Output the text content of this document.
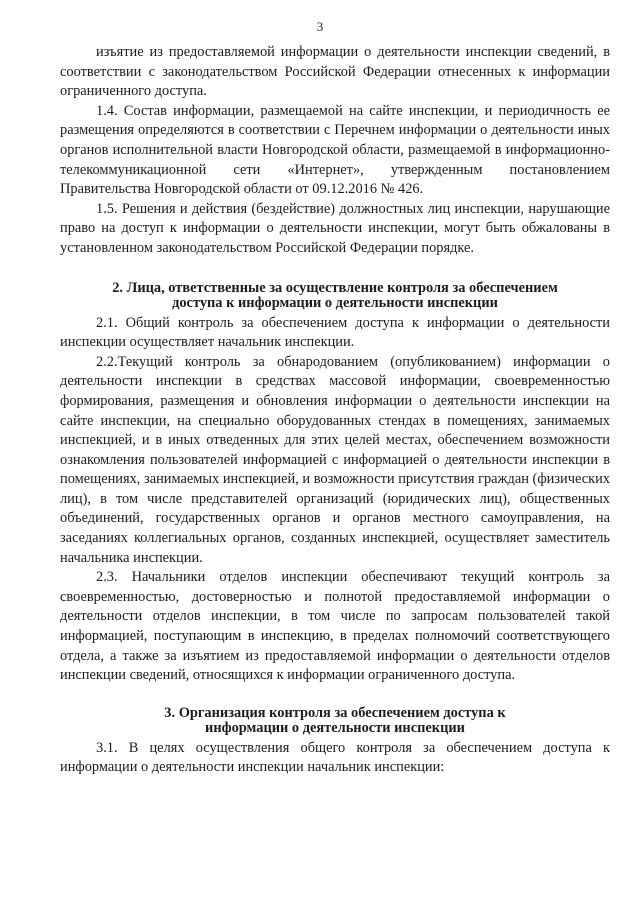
3

изъятие из предоставляемой информации о деятельности инспекции сведений, в соответствии с законодательством Российской Федерации отнесенных к информации ограниченного доступа.

1.4. Состав информации, размещаемой на сайте инспекции, и периодичность ее размещения определяются в соответствии с Перечнем информации о деятельности иных органов исполнительной власти Новгородской области, размещаемой в информационно-телекоммуникационной сети «Интернет», утвержденным постановлением Правительства Новгородской области от 09.12.2016 № 426.

1.5. Решения и действия (бездействие) должностных лиц инспекции, нарушающие право на доступ к информации о деятельности инспекции, могут быть обжалованы в установленном законодательством Российской Федерации порядке.

2. Лица, ответственные за осуществление контроля за обеспечением
доступа к информации о деятельности инспекции

2.1. Общий контроль за обеспечением доступа к информации о деятельности инспекции осуществляет начальник инспекции.

2.2.Текущий контроль за обнародованием (опубликованием) информации о деятельности инспекции в средствах массовой информации, своевременностью формирования, размещения и обновления информации о деятельности инспекции на сайте инспекции, на специально оборудованных стендах в помещениях, занимаемых инспекцией, и в иных отведенных для этих целей местах, обеспечением возможности ознакомления пользователей информацией с информацией о деятельности инспекции в помещениях, занимаемых инспекцией, и возможности присутствия граждан (физических лиц), в том числе представителей организаций (юридических лиц), общественных объединений, государственных органов и органов местного самоуправления, на заседаниях коллегиальных органов, созданных инспекцией, осуществляет заместитель начальника инспекции.

2.3. Начальники отделов инспекции обеспечивают текущий контроль за своевременностью, достоверностью и полнотой предоставляемой информации о деятельности отделов инспекции, в том числе по запросам пользователей такой информацией, поступающим в инспекцию, в пределах полномочий соответствующего отдела, а также за изъятием из предоставляемой информации о деятельности отделов инспекции сведений, относящихся к информации ограниченного доступа.

3. Организация контроля за обеспечением доступа к
информации о деятельности инспекции

3.1. В целях осуществления общего контроля за обеспечением доступа к информации о деятельности инспекции начальник инспекции:
